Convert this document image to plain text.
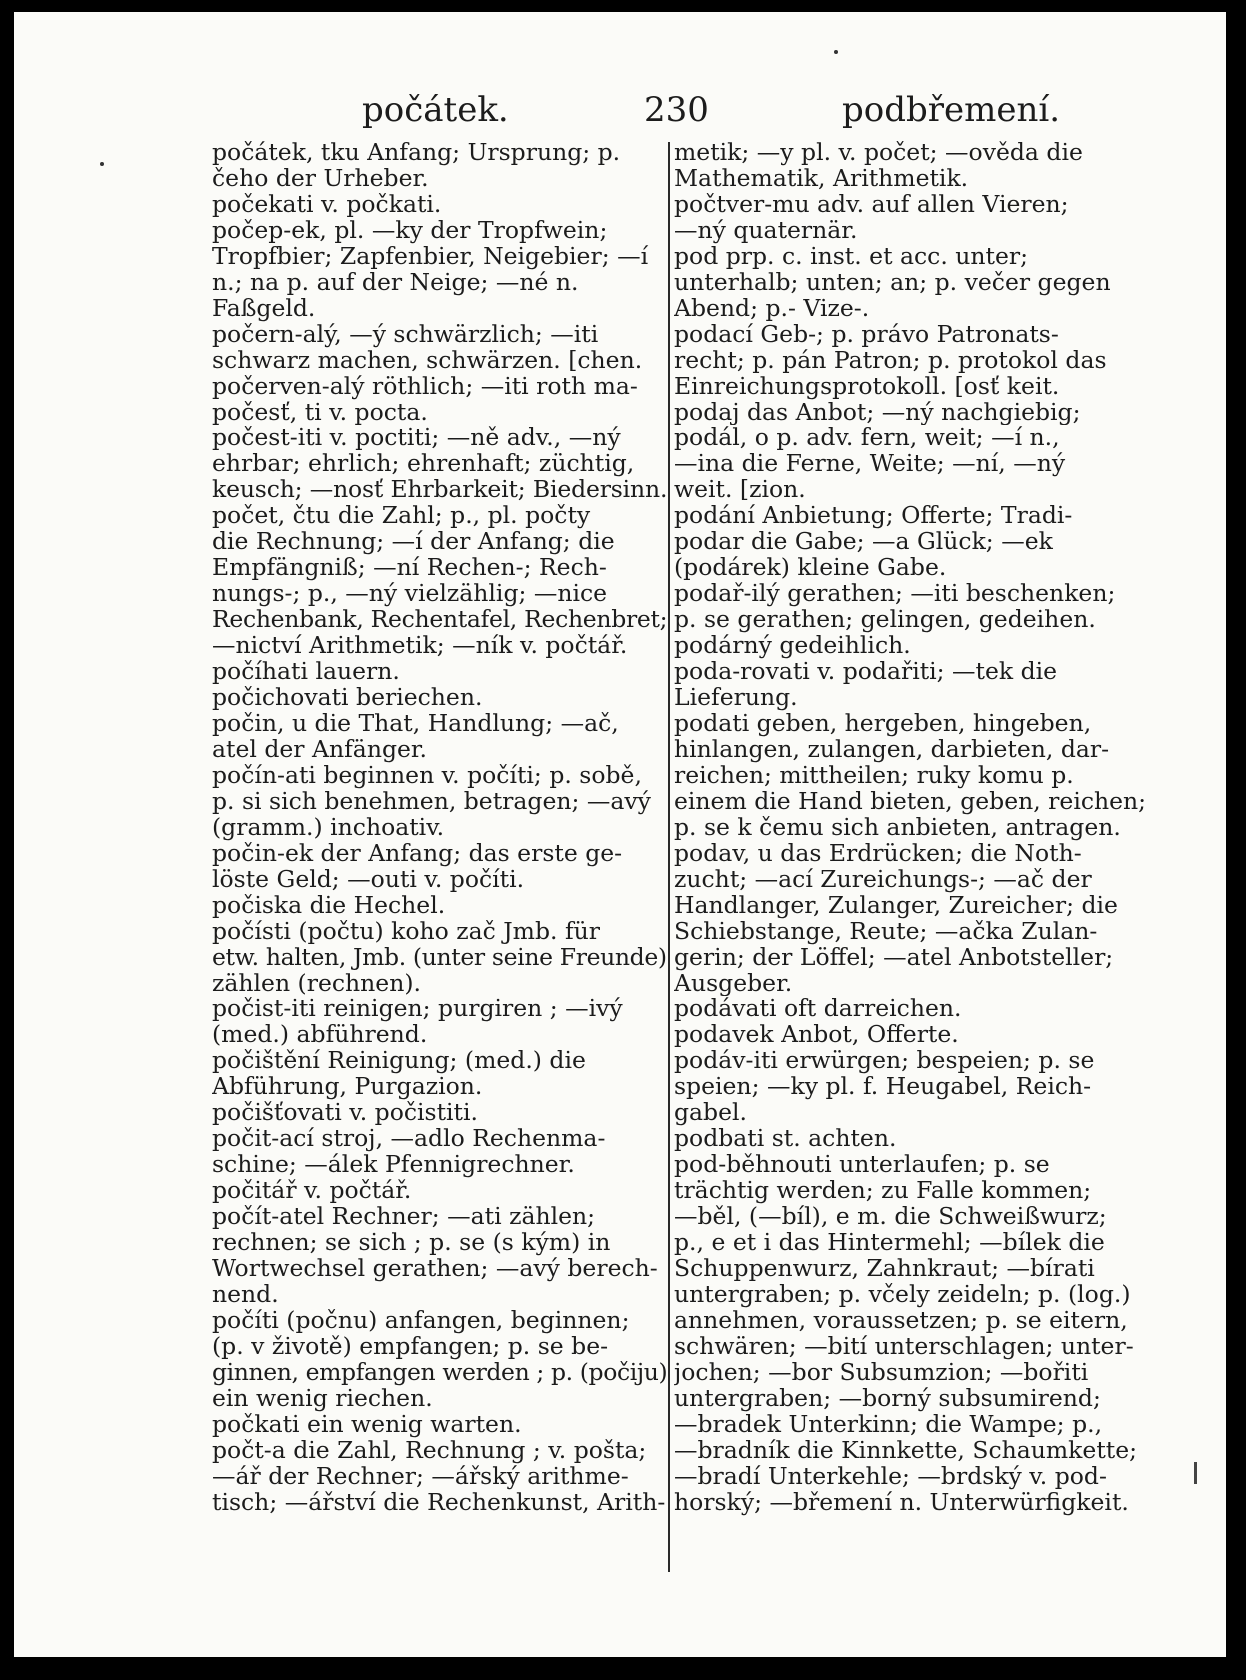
počátek.	230	podbřemení.

počátek, tku Anfang; Ursprung; p.

čeho der Urheber.

počekati v. počkati.

počep-ek, pl. —ky der Tropfwein;

Tropfbier; Zapfenbier, Neigebier; —í

n.; na p. auf der Neige; —né n.

Faßgeld.

počern-alý, —ý schwärzlich; —iti

schwarz machen, schwärzen. [chen.

počerven-alý röthlich; —iti roth ma-

počesť, ti v. pocta.

počest-iti v. poctiti; —ně adv., —ný

ehrbar; ehrlich; ehrenhaft; züchtig,

keusch; —nosť Ehrbarkeit; Biedersinn.

počet, čtu die Zahl; p., pl. počty

die Rechnung; —í der Anfang; die

Empfängniß; —ní Rechen-; Rech-

nungs-; p., —ný vielzählig; —nice

Rechenbank, Rechentafel, Rechenbret;

—nictví Arithmetik; —ník v. počtář.

počíhati lauern.

počichovati beriechen.

počin, u die That, Handlung; —ač,

atel der Anfänger.

počín-ati beginnen v. počíti; p. sobě,

p. si sich benehmen, betragen; —avý

(gramm.) inchoativ.

počin-ek der Anfang; das erste ge-

löste Geld; —outi v. počíti.

počiska die Hechel.

počísti (počtu) koho zač Jmb. für

etw. halten, Jmb. (unter seine Freunde)

zählen (rechnen).

počist-iti reinigen; purgiren ; —ivý

(med.) abführend.

počištění Reinigung; (med.) die

Abführung, Purgazion.

počišťovati v. počistiti.

počit-ací stroj, —adlo Rechenma-

schine; —álek Pfennigrechner.

počitář v. počtář.

počít-atel Rechner; —ati zählen;

rechnen; se sich ; p. se (s kým) in

Wortwechsel gerathen; —avý berech-

nend.

počíti (počnu) anfangen, beginnen;

(p. v životě) empfangen; p. se be-

ginnen, empfangen werden ; p. (počiju)

ein wenig riechen.

počkati ein wenig warten.

počt-a die Zahl, Rechnung ; v. pošta;

—ář der Rechner; —ářský arithme-

tisch; —ářství die Rechenkunst, Arith-

metik; —y pl. v. počet; —ověda die

Mathematik, Arithmetik.

počtver-mu adv. auf allen Vieren;

—ný quaternär.

pod prp. c. inst. et acc. unter;

unterhalb; unten; an; p. večer gegen

Abend; p.- Vize-.

podací Geb-; p. právo Patronats-

recht; p. pán Patron; p. protokol das

Einreichungsprotokoll. [osť keit.

podaj das Anbot; —ný nachgiebig;

podál, o p. adv. fern, weit; —í n.,

—ina die Ferne, Weite; —ní, —ný

weit. [zion.

podání Anbietung; Offerte; Tradi-

podar die Gabe; —a Glück; —ek

(podárek) kleine Gabe.

podař-ilý gerathen; —iti beschenken;

p. se gerathen; gelingen, gedeihen.

podárný gedeihlich.

poda-rovati v. podařiti; —tek die

Lieferung.

podati geben, hergeben, hingeben,

hinlangen, zulangen, darbieten, dar-

reichen; mittheilen; ruky komu p.

einem die Hand bieten, geben, reichen;

p. se k čemu sich anbieten, antragen.

podav, u das Erdrücken; die Noth-

zucht; —ací Zureichungs-; —ač der

Handlanger, Zulanger, Zureicher; die

Schiebstange, Reute; —ačka Zulan-

gerin; der Löffel; —atel Anbotsteller;

Ausgeber.

podávati oft darreichen.

podavek Anbot, Offerte.

podáv-iti erwürgen; bespeien; p. se

speien; —ky pl. f. Heugabel, Reich-

gabel.

podbati st. achten.

pod-běhnouti unterlaufen; p. se

trächtig werden; zu Falle kommen;

—běl, (—bíl), e m. die Schweißwurz;

p., e et i das Hintermehl; —bílek die

Schuppenwurz, Zahnkraut; —bírati

untergraben; p. včely zeideln; p. (log.)

annehmen, voraussetzen; p. se eitern,

schwären; —bití unterschlagen; unter-

jochen; —bor Subsumzion; —bořiti

untergraben; —borný subsumirend;

—bradek Unterkinn; die Wampe; p.,

—bradník die Kinnkette, Schaumkette;

—bradí Unterkehle; —brdský v. pod-

horský; —břemení n. Unterwürfigkeit.
